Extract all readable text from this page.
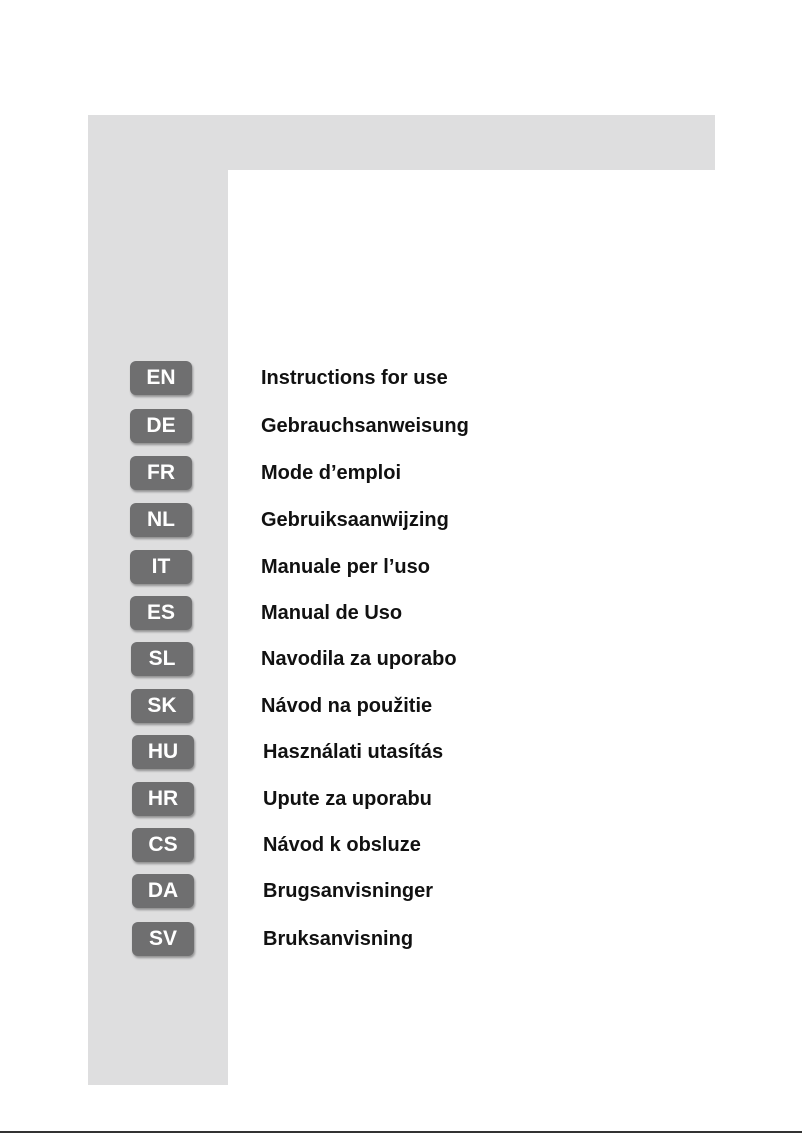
EN	Instructions for use
DE	Gebrauchsanweisung
FR	Mode d’emploi
NL	Gebruiksaanwijzing
IT	Manuale per l’uso
ES	Manual de Uso
SL	Navodila za uporabo
SK	Návod na použitie
HU	Használati utasítás
HR	Upute za uporabu
CS	Návod k obsluze
DA	Brugsanvisninger
SV	Bruksanvisning
